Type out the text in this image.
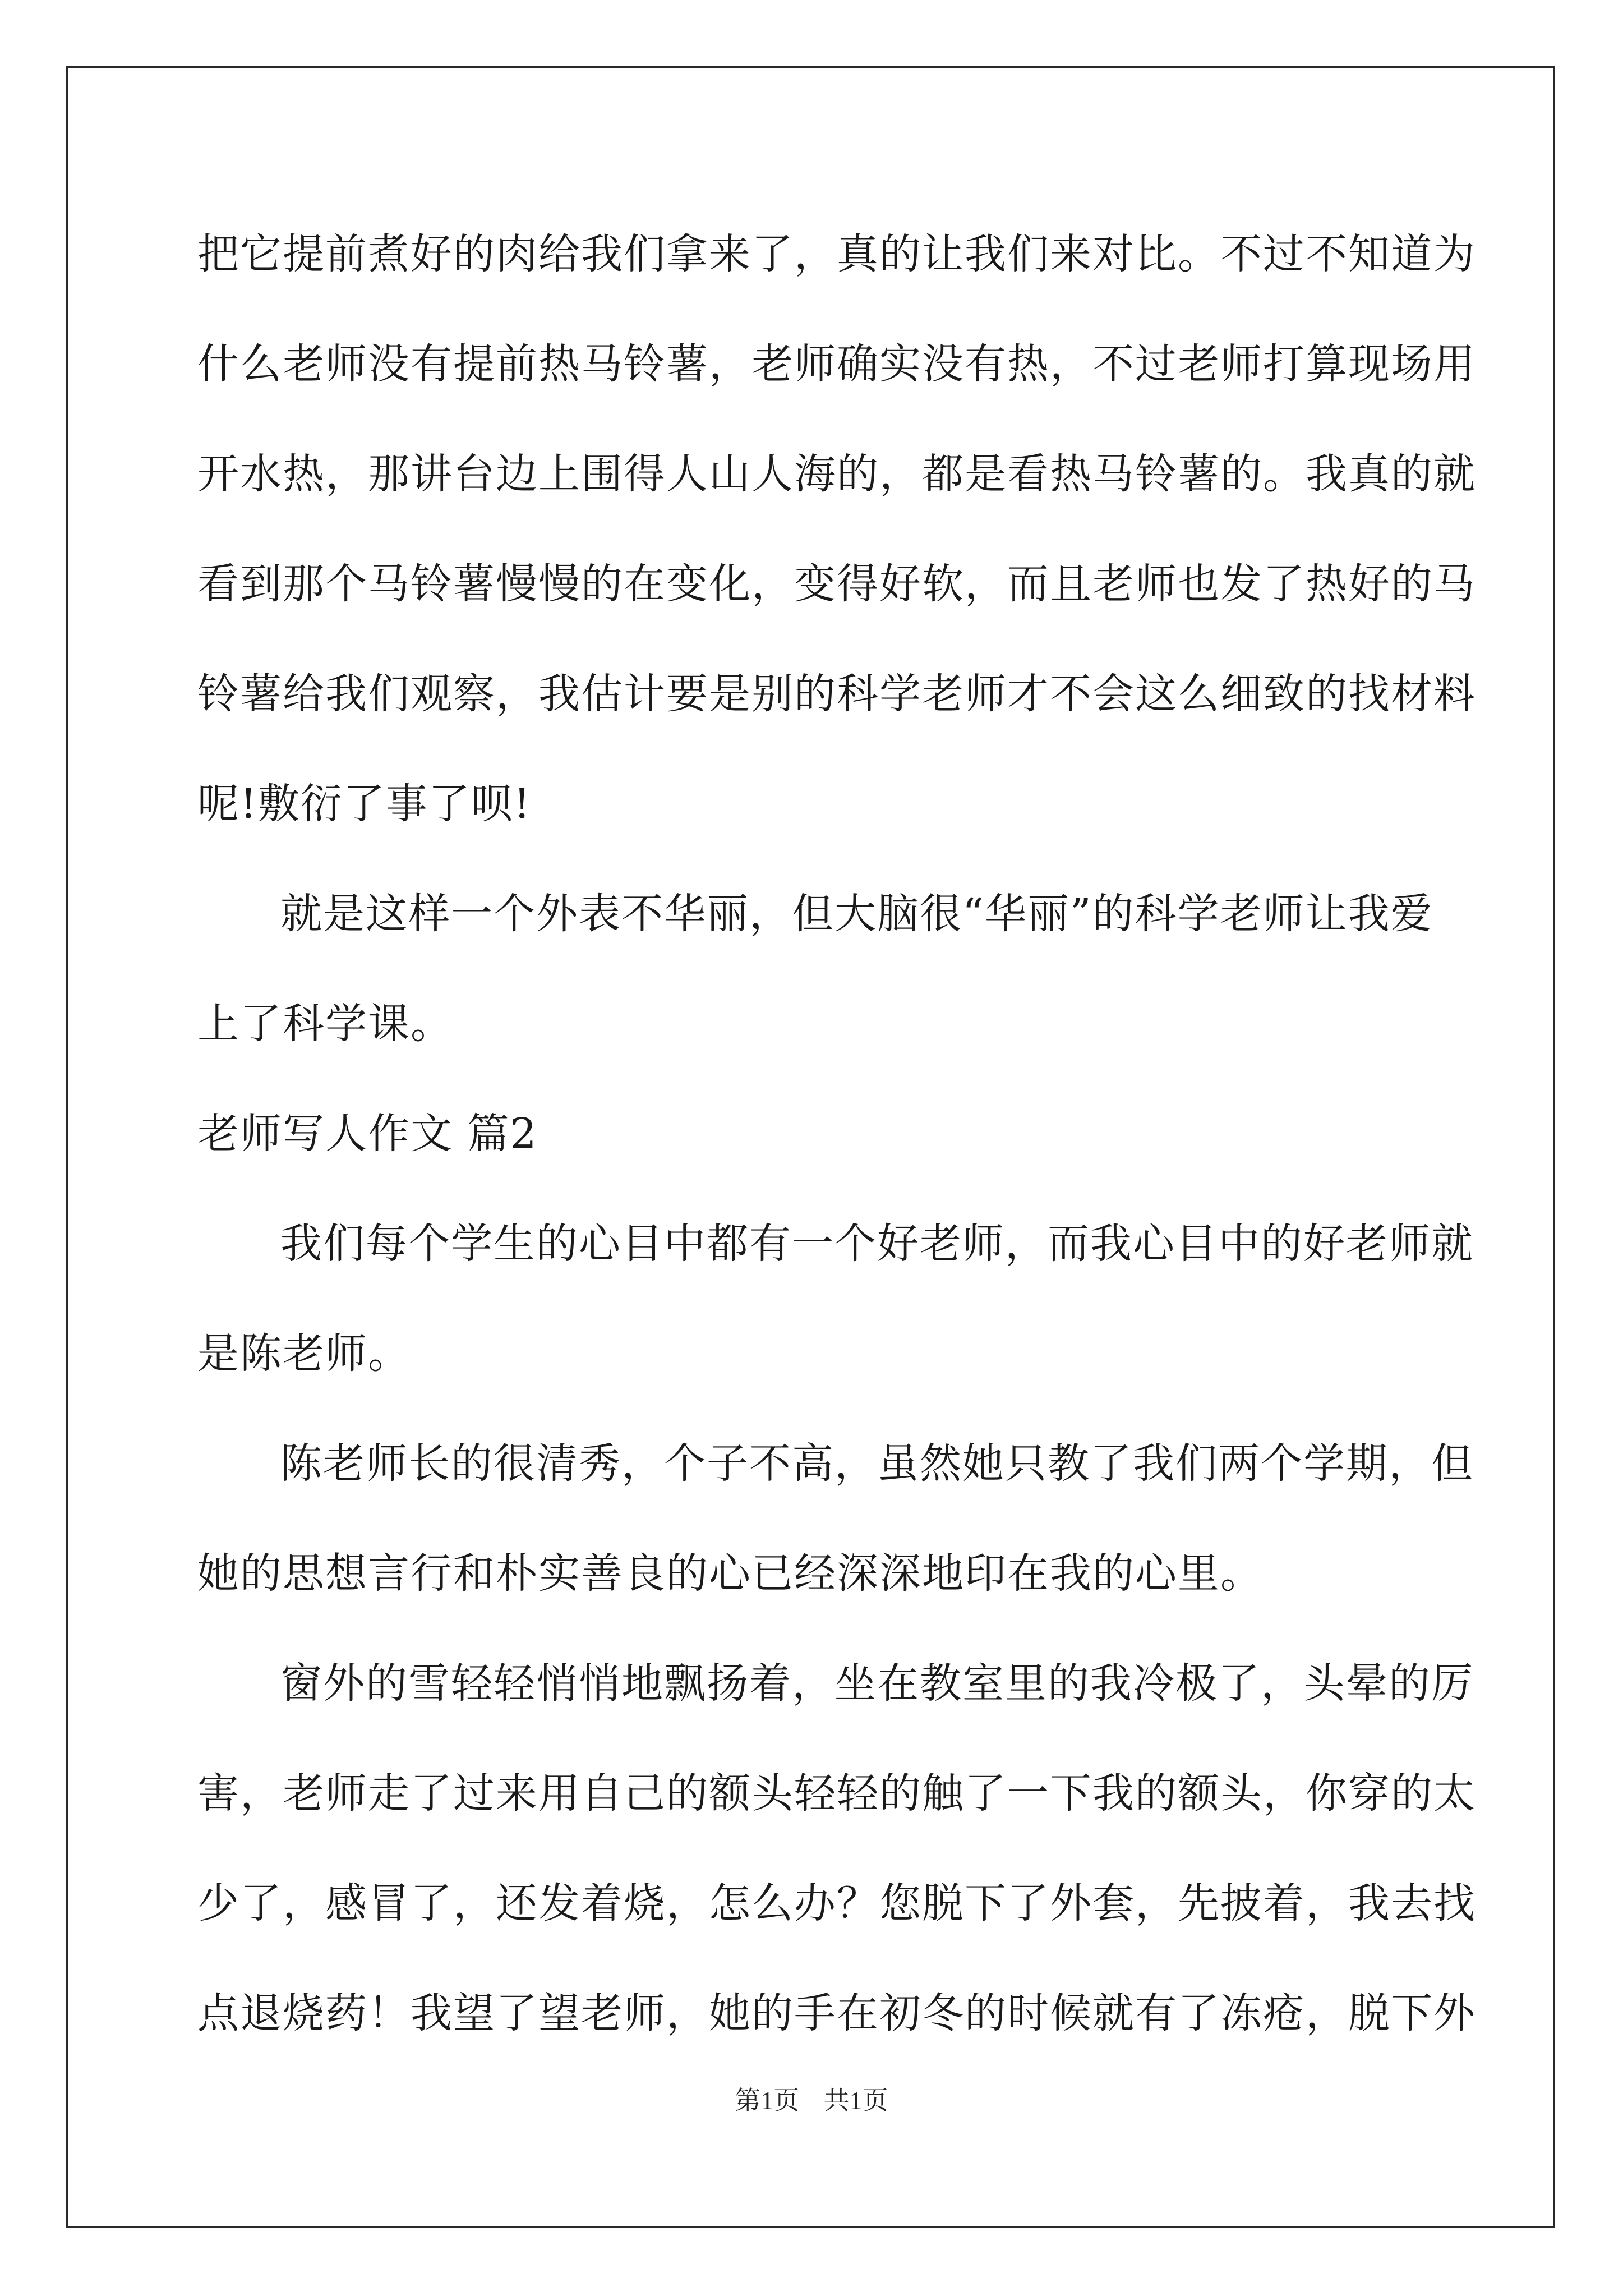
把它提前煮好的肉给我们拿来了，真的让我们来对比。不过不知道为
什么老师没有提前热马铃薯，老师确实没有热，不过老师打算现场用
开水热，那讲台边上围得人山人海的，都是看热马铃薯的。我真的就
看到那个马铃薯慢慢的在变化，变得好软，而且老师也发了热好的马
铃薯给我们观察，我估计要是别的科学老师才不会这么细致的找材料
呢!敷衍了事了呗!
就是这样一个外表不华丽，但大脑很“华丽”的科学老师让我爱
上了科学课。
老师写人作文 篇2
我们每个学生的心目中都有一个好老师，而我心目中的好老师就
是陈老师。
陈老师长的很清秀，个子不高，虽然她只教了我们两个学期，但
她的思想言行和朴实善良的心已经深深地印在我的心里。
窗外的雪轻轻悄悄地飘扬着，坐在教室里的我冷极了，头晕的厉
害，老师走了过来用自己的额头轻轻的触了一下我的额头，你穿的太
少了，感冒了，还发着烧，怎么办？您脱下了外套，先披着，我去找
点退烧药！我望了望老师，她的手在初冬的时候就有了冻疮，脱下外
第1页 共1页
